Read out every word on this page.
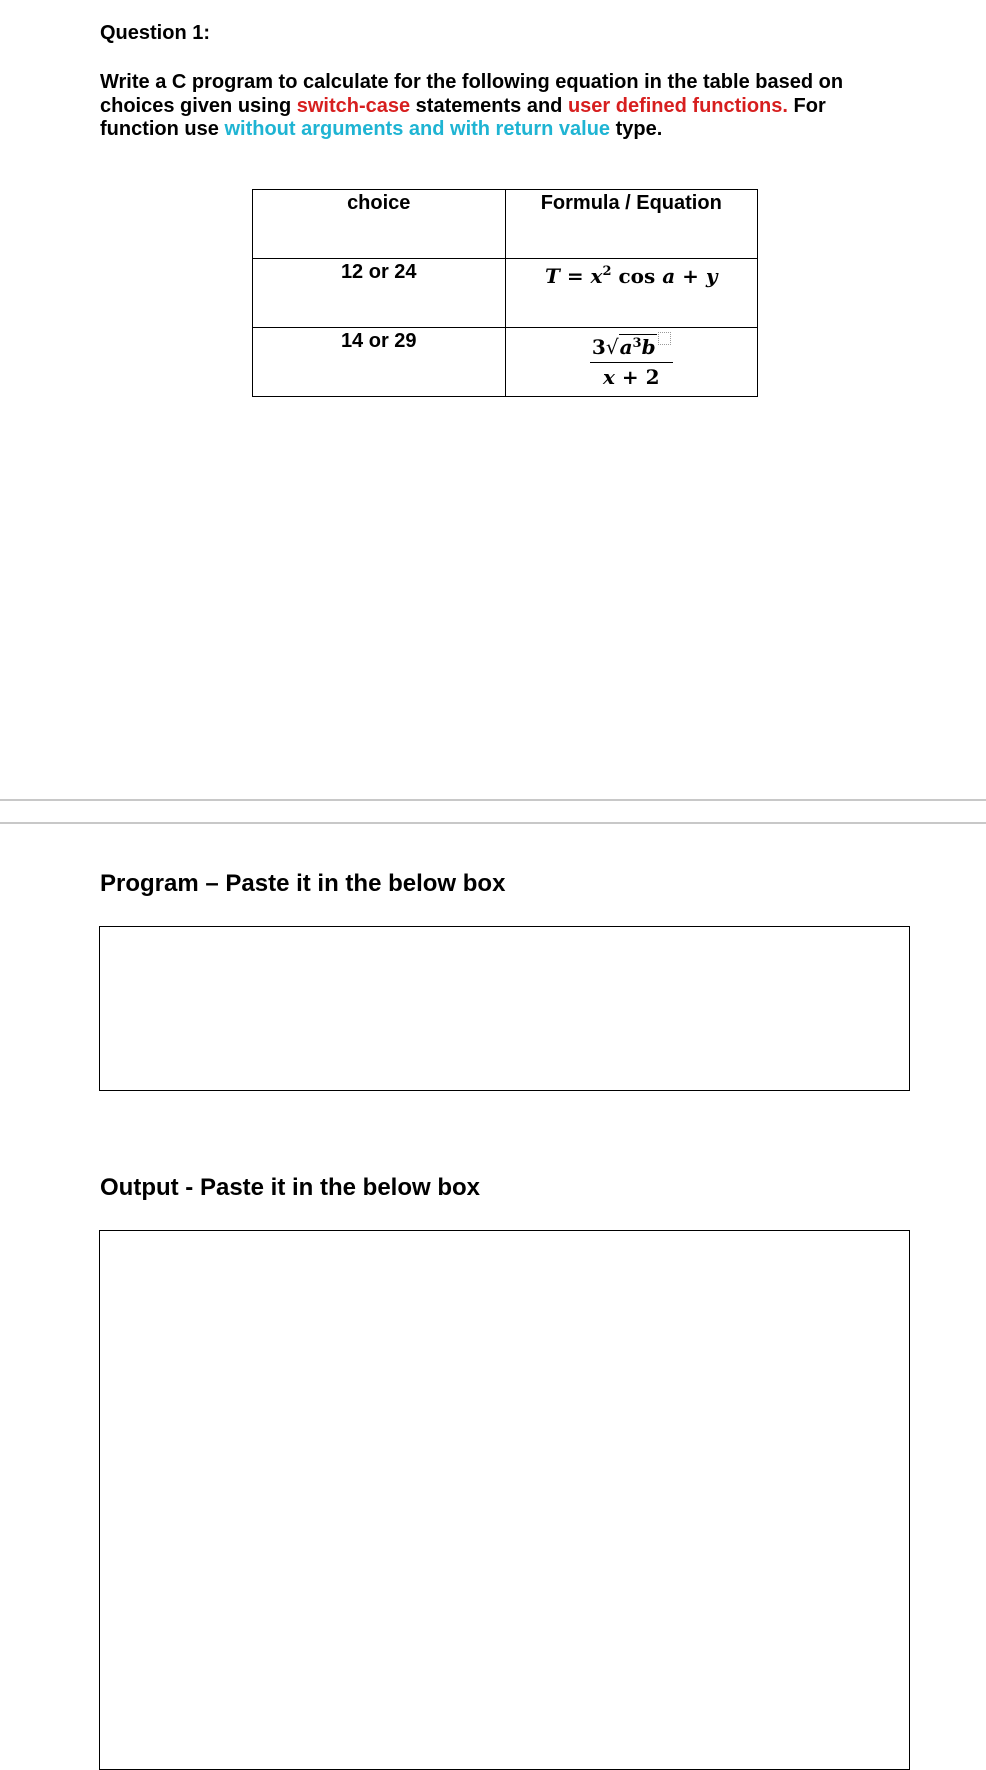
Question 1:

Write a C program to calculate for the following equation in the table based on choices given using switch-case statements and user defined functions. For function use without arguments and with return value type.

choice	Formula / Equation
12 or 24	$T = x^2$ cos a + y
14 or 29	$\frac{3√a^3b}{x + 2}$

Program – Paste it in the below box

Output - Paste it in the below box
